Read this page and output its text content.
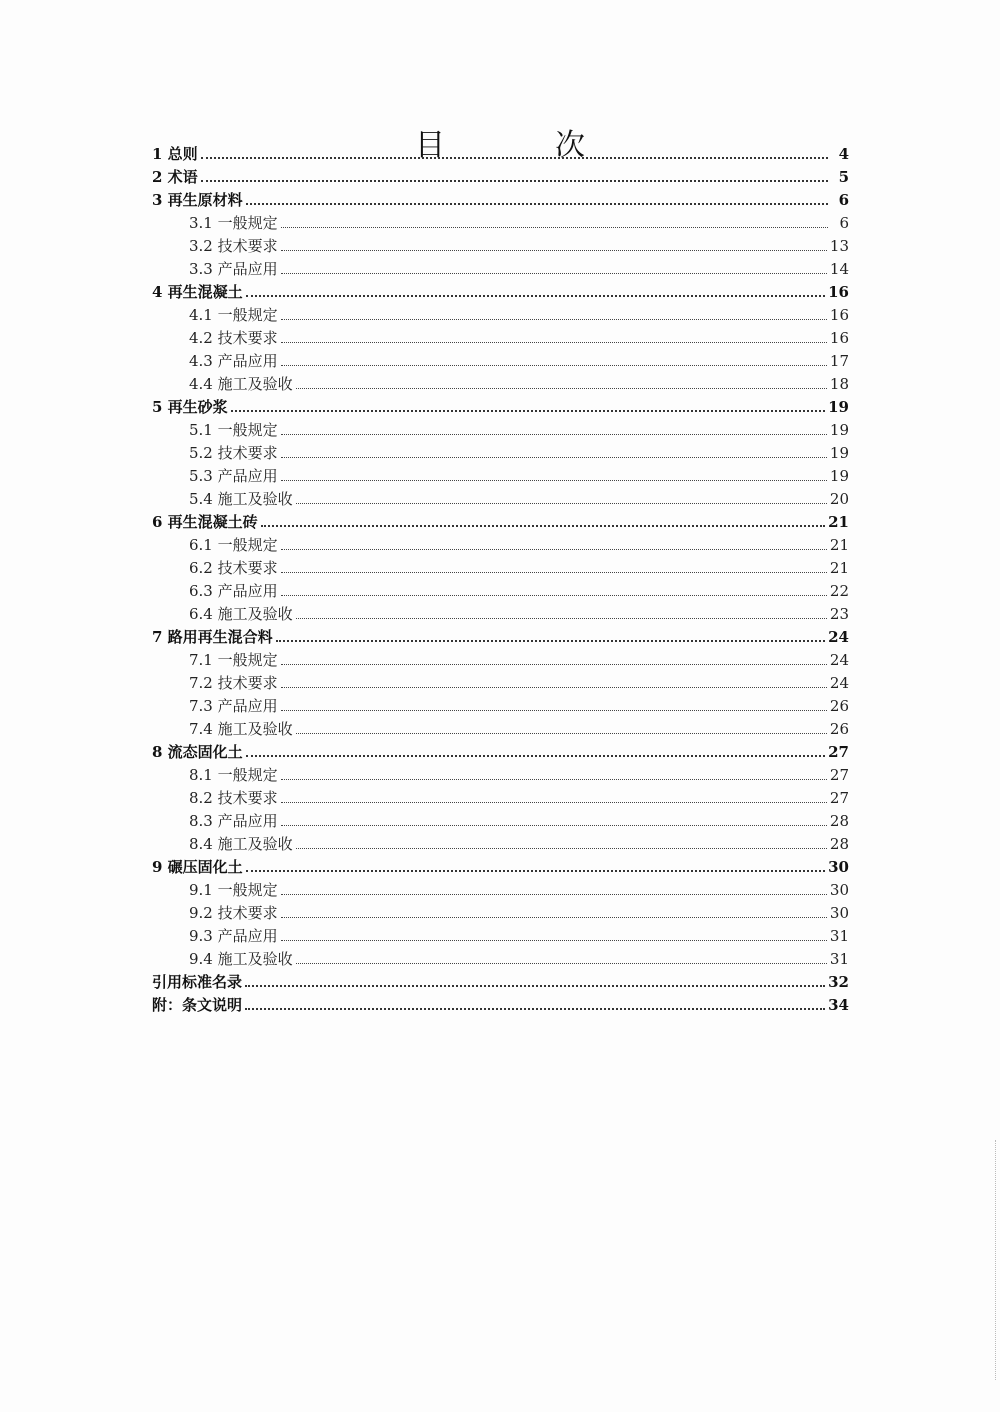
目　次
1 总则	4
2 术语	5
3 再生原材料	6
3.1 一般规定	6
3.2 技术要求	13
3.3 产品应用	14
4 再生混凝土	16
4.1 一般规定	16
4.2 技术要求	16
4.3 产品应用	17
4.4 施工及验收	18
5 再生砂浆	19
5.1 一般规定	19
5.2 技术要求	19
5.3 产品应用	19
5.4 施工及验收	20
6 再生混凝土砖	21
6.1 一般规定	21
6.2 技术要求	21
6.3 产品应用	22
6.4 施工及验收	23
7 路用再生混合料	24
7.1 一般规定	24
7.2 技术要求	24
7.3 产品应用	26
7.4 施工及验收	26
8 流态固化土	27
8.1 一般规定	27
8.2 技术要求	27
8.3 产品应用	28
8.4 施工及验收	28
9 碾压固化土	30
9.1 一般规定	30
9.2 技术要求	30
9.3 产品应用	31
9.4 施工及验收	31
引用标准名录	32
附：条文说明	34
